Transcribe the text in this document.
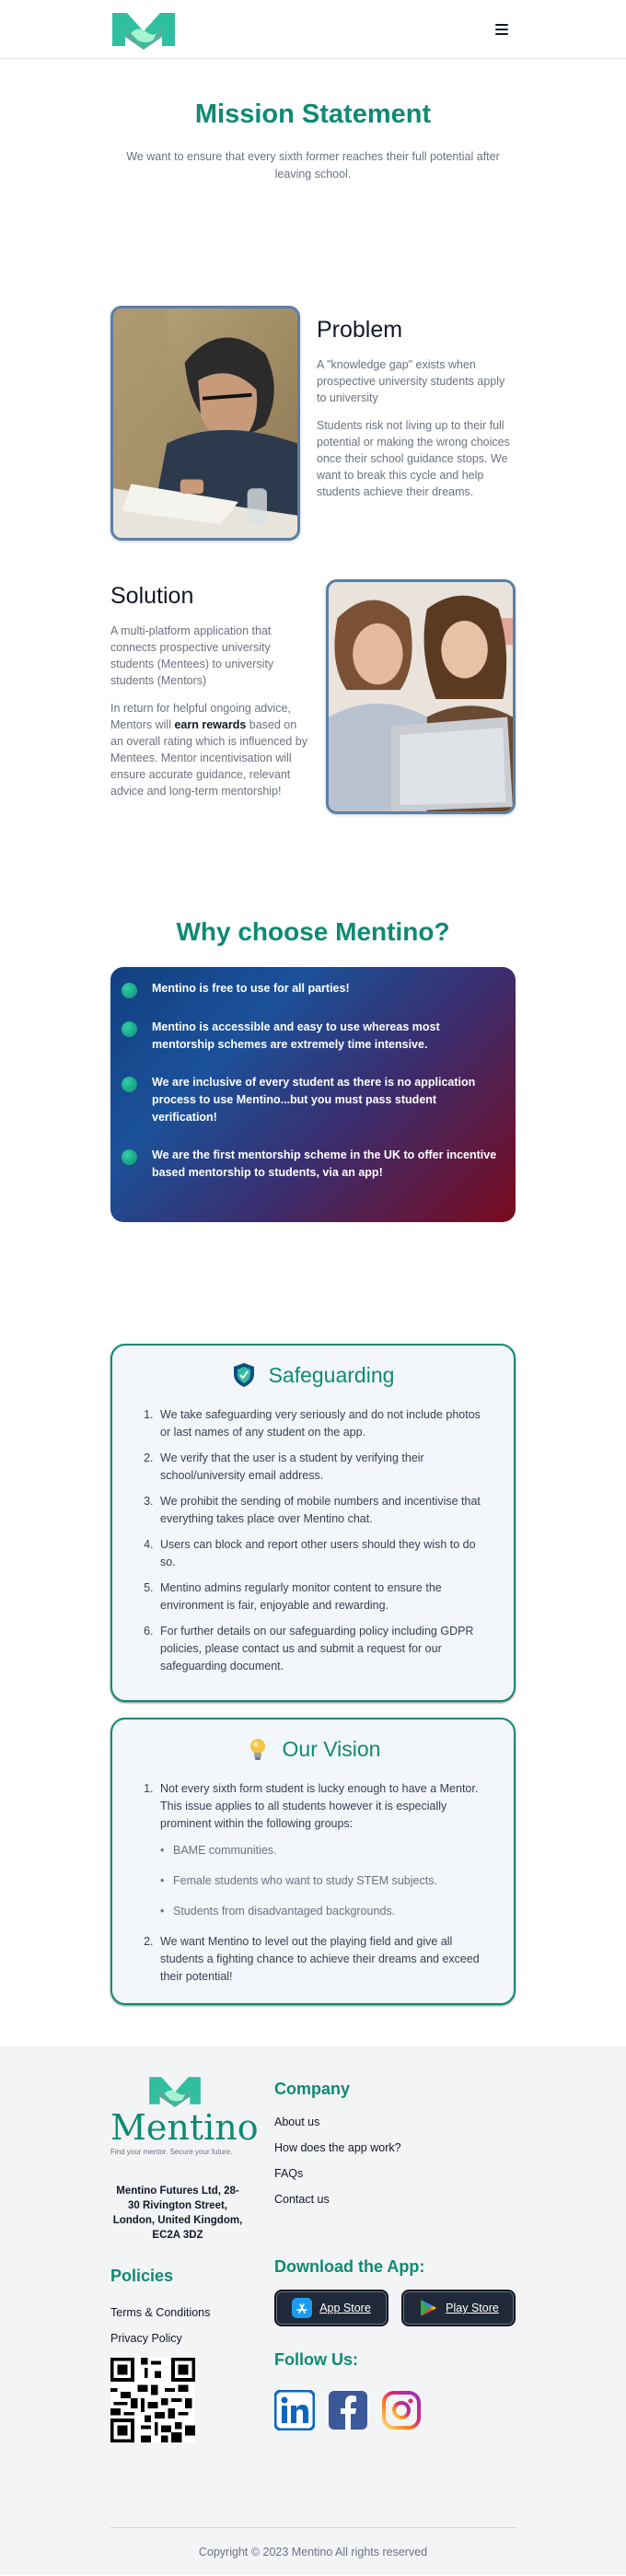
Mission Statement

We want to ensure that every sixth former reaches their full potential after leaving school.

Problem

A "knowledge gap" exists when prospective university students apply to university

Students risk not living up to their full potential or making the wrong choices once their school guidance stops. We want to break this cycle and help students achieve their dreams.

Solution

A multi-platform application that connects prospective university students (Mentees) to university students (Mentors)

In return for helpful ongoing advice, Mentors will earn rewards based on an overall rating which is influenced by Mentees. Mentor incentivisation will ensure accurate guidance, relevant advice and long-term mentorship!

Why choose Mentino?

Mentino is free to use for all parties!

Mentino is accessible and easy to use whereas most mentorship schemes are extremely time intensive.

We are inclusive of every student as there is no application process to use Mentino...but you must pass student verification!

We are the first mentorship scheme in the UK to offer incentive based mentorship to students, via an app!

Safeguarding
1. We take safeguarding very seriously and do not include photos or last names of any student on the app.
2. We verify that the user is a student by verifying their school/university email address.
3. We prohibit the sending of mobile numbers and incentivise that everything takes place over Mentino chat.
4. Users can block and report other users should they wish to do so.
5. Mentino admins regularly monitor content to ensure the environment is fair, enjoyable and rewarding.
6. For further details on our safeguarding policy including GDPR policies, please contact us and submit a request for our safeguarding document.
Our Vision
1. Not every sixth form student is lucky enough to have a Mentor. This issue applies to all students however it is especially prominent within the following groups:
• BAME communities.
• Female students who want to study STEM subjects.
• Students from disadvantaged backgrounds.
2. We want Mentino to level out the playing field and give all students a fighting chance to achieve their dreams and exceed their potential!
Mentino
Find your mentor. Secure your future.
Mentino Futures Ltd, 28-30 Rivington Street, London, United Kingdom, EC2A 3DZ
Policies
Terms & Conditions
Privacy Policy
Company
About us
How does the app work?
FAQs
Contact us
Download the App:
App Store	Play Store
Follow Us:
Copyright © 2023 Mentino All rights reserved
